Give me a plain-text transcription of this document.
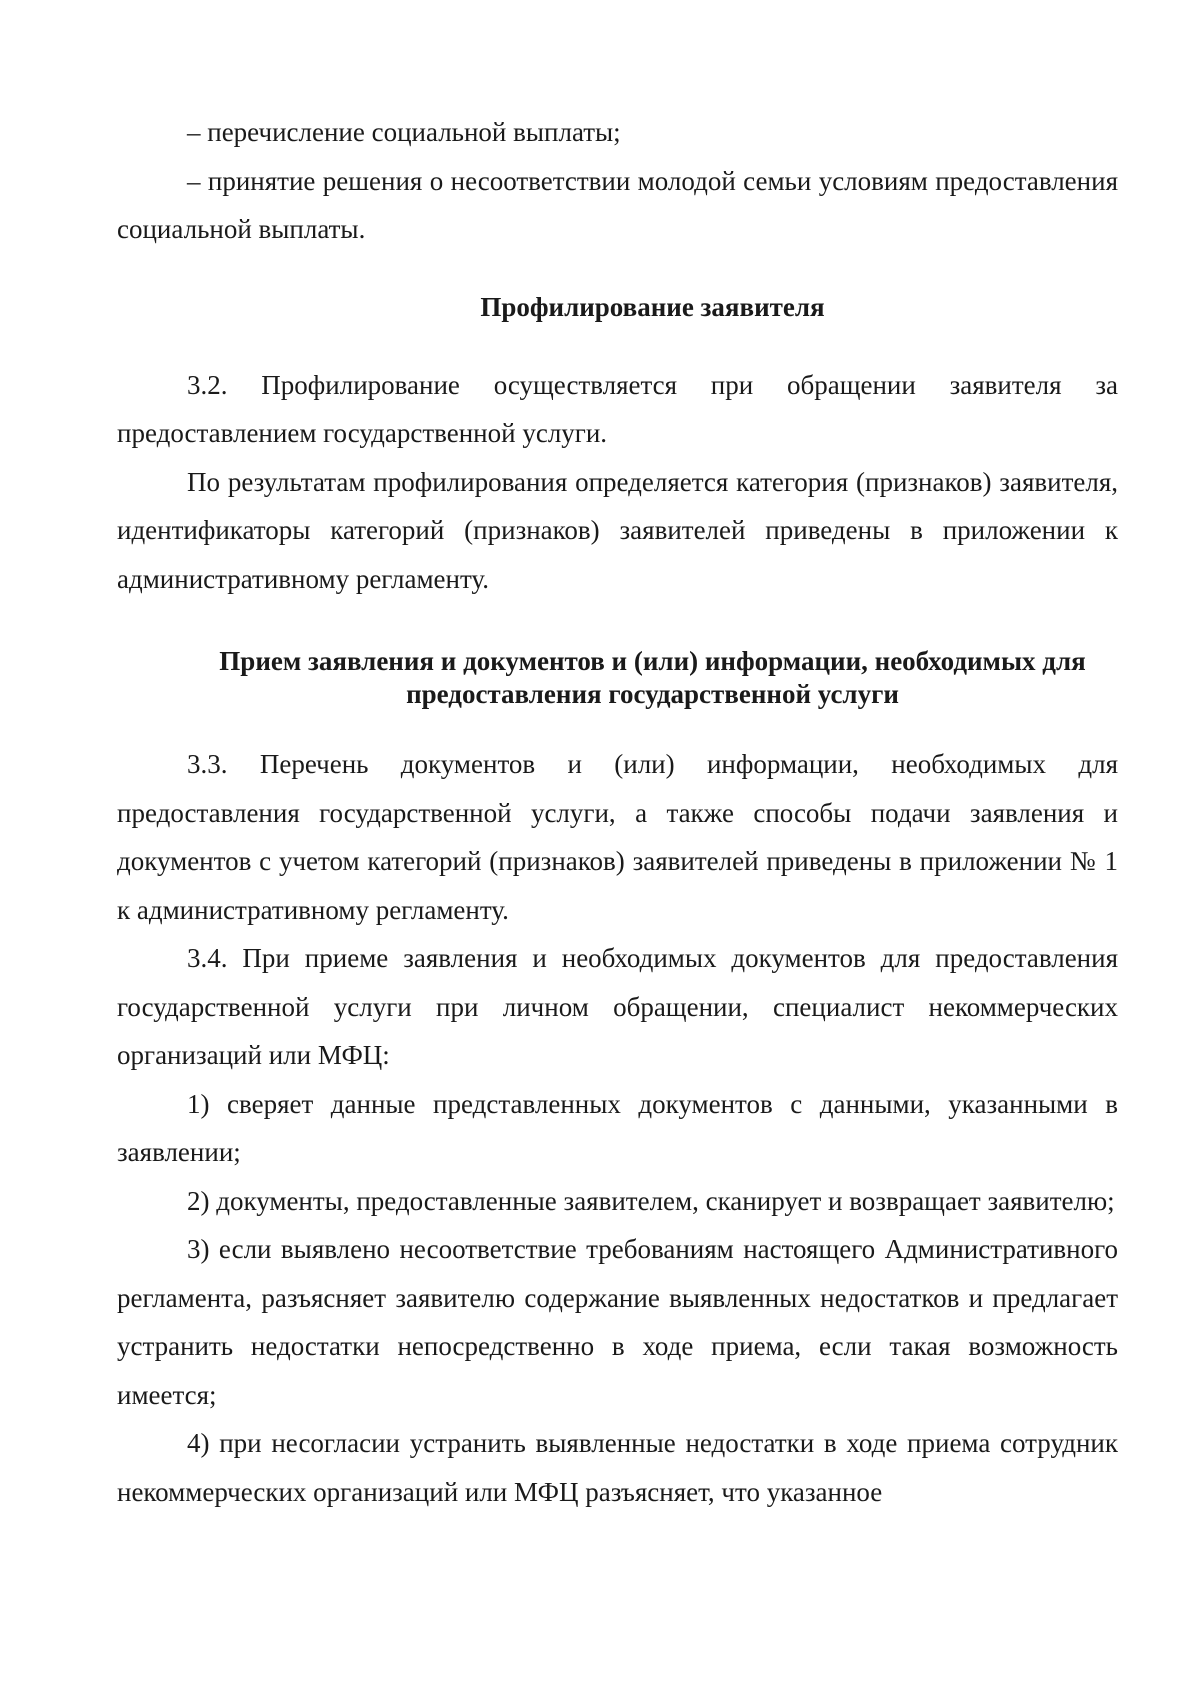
– перечисление социальной выплаты;

– принятие решения о несоответствии молодой семьи условиям предоставления социальной выплаты.

Профилирование заявителя

3.2. Профилирование осуществляется при обращении заявителя за предоставлением государственной услуги.

По результатам профилирования определяется категория (признаков) заявителя, идентификаторы категорий (признаков) заявителей приведены в приложении к административному регламенту.

Прием заявления и документов и (или) информации, необходимых для предоставления государственной услуги

3.3. Перечень документов и (или) информации, необходимых для предоставления государственной услуги, а также способы подачи заявления и документов с учетом категорий (признаков) заявителей приведены в приложении № 1 к административному регламенту.

3.4. При приеме заявления и необходимых документов для предоставления государственной услуги при личном обращении, специалист некоммерческих организаций или МФЦ:

1) сверяет данные представленных документов с данными, указанными в заявлении;

2) документы, предоставленные заявителем, сканирует и возвращает заявителю;

3) если выявлено несоответствие требованиям настоящего Административного регламента, разъясняет заявителю содержание выявленных недостатков и предлагает устранить недостатки непосредственно в ходе приема, если такая возможность имеется;

4) при несогласии устранить выявленные недостатки в ходе приема сотрудник некоммерческих организаций или МФЦ разъясняет, что указанное
